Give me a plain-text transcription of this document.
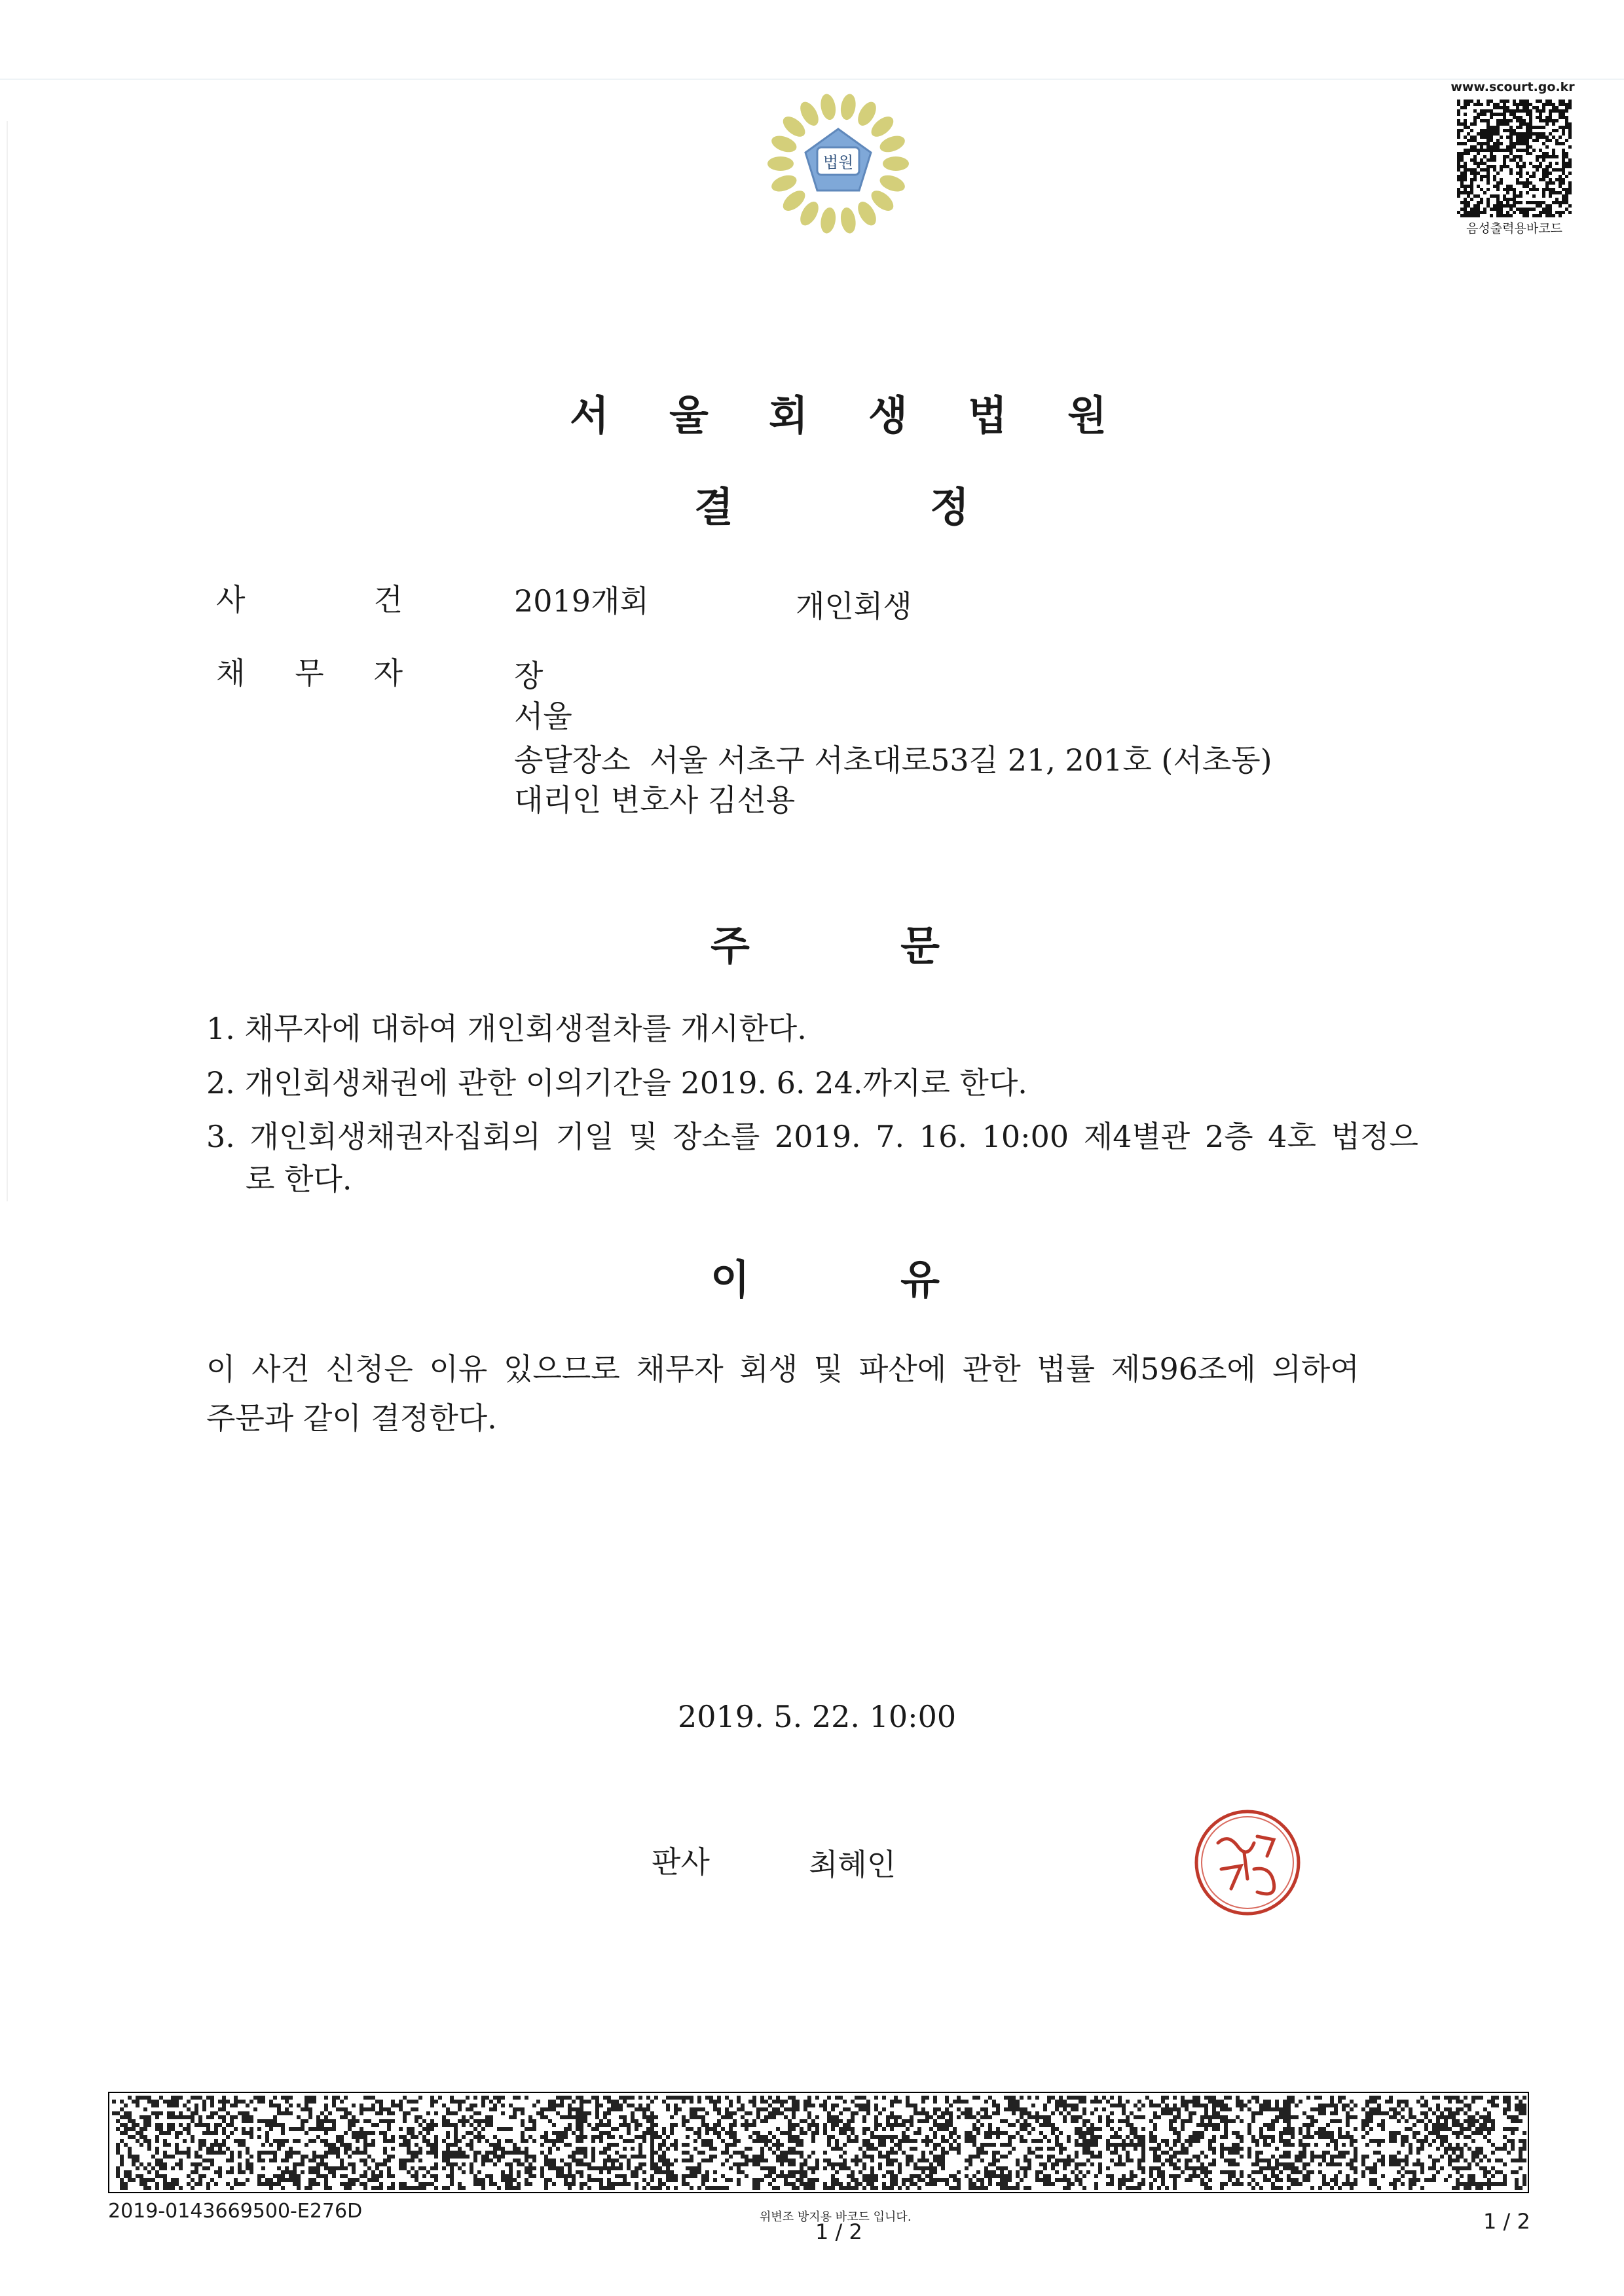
법원
www.scourt.go.kr
음성출력용바코드
서 울 회 생 법 원
결	정
사	건	2019개회	개인회생
채 무 자	장
서울
송달장소  서울 서초구 서초대로53길 21, 201호 (서초동)
대리인 변호사 김선용
주	문
1. 채무자에 대하여 개인회생절차를 개시한다.
2. 개인회생채권에 관한 이의기간을 2019. 6. 24.까지로 한다.
3. 개인회생채권자집회의 기일 및 장소를 2019. 7. 16. 10:00 제4별관 2층 4호 법정으
로 한다.
이	유
이 사건 신청은 이유 있으므로 채무자 회생 및 파산에 관한 법률 제596조에 의하여
주문과 같이 결정한다.
2019. 5. 22. 10:00
판사	최혜인
2019-0143669500-E276D	위변조 방지용 바코드 입니다.
1 / 2	1 / 2
